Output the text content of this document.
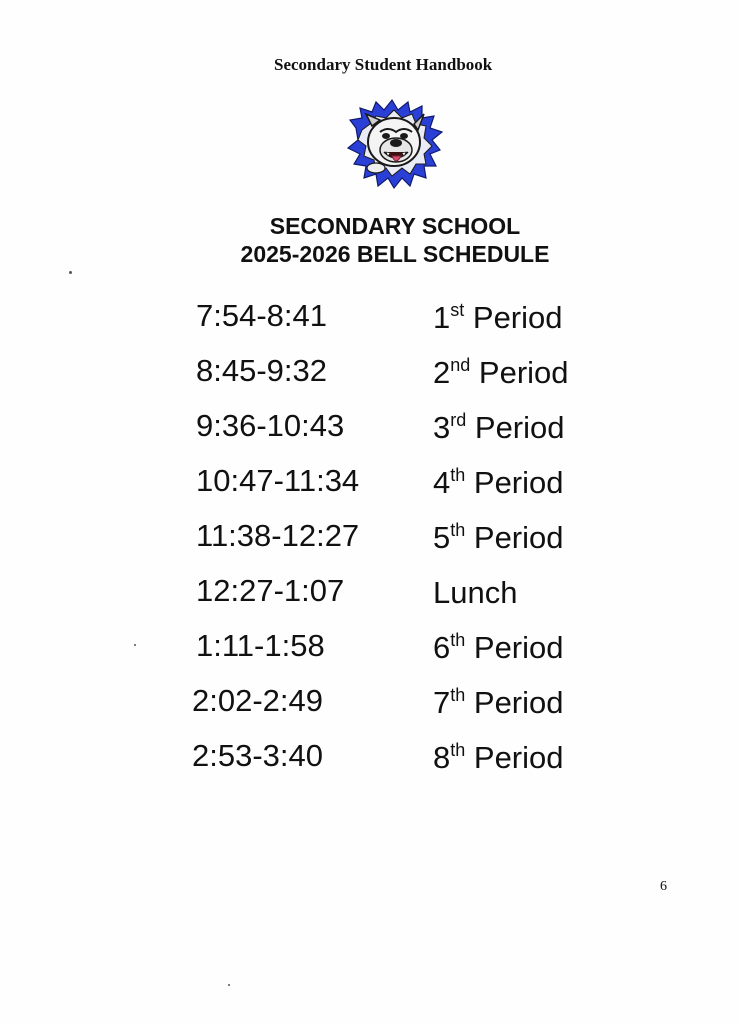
Secondary Student Handbook
SECONDARY SCHOOL
2025-2026 BELL SCHEDULE
7:54-8:41	1st Period
8:45-9:32	2nd Period
9:36-10:43	3rd Period
10:47-11:34 4th Period
11:38-12:27 5th Period
12:27-1:07	Lunch
1:11-1:58	6th Period
2:02-2:49	7th Period
2:53-3:40	8th Period
6
